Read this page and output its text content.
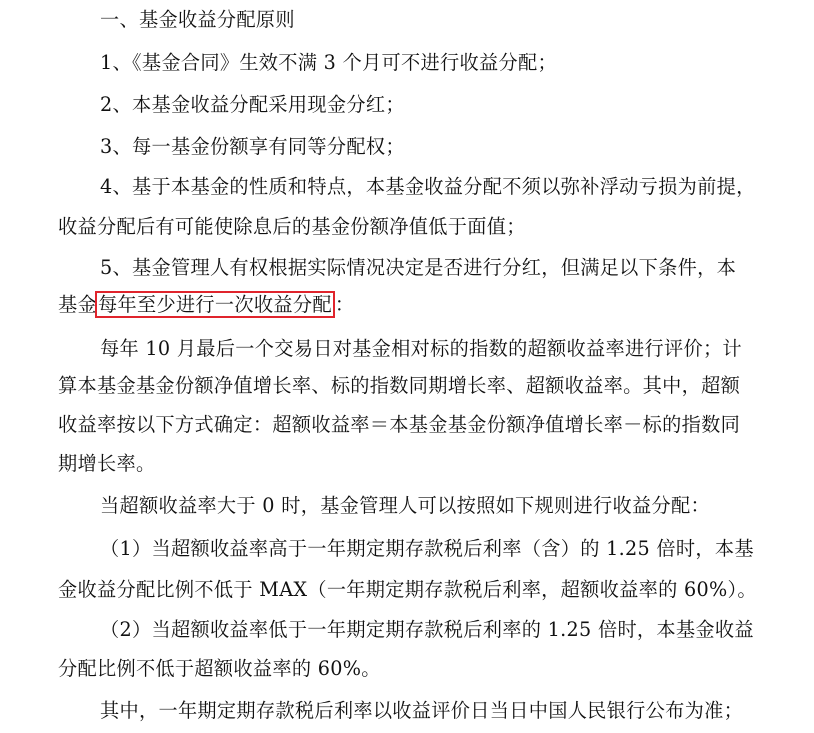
一、基金收益分配原则
1、《基金合同》生效不满 3 个月可不进行收益分配；
2、本基金收益分配采用现金分红；
3、每一基金份额享有同等分配权；
4、基于本基金的性质和特点，本基金收益分配不须以弥补浮动亏损为前提，
收益分配后有可能使除息后的基金份额净值低于面值；
5、基金管理人有权根据实际情况决定是否进行分红，但满足以下条件，本
基金每年至少进行一次收益分配 ：
每年 10 月最后一个交易日对基金相对标的指数的超额收益率进行评价；计
算本基金基金份额净值增长率、标的指数同期增长率、超额收益率。其中，超额
收益率按以下方式确定：超额收益率＝本基金基金份额净值增长率－标的指数同
期增长率。
当超额收益率大于 0 时，基金管理人可以按照如下规则进行收益分配：
（1）当超额收益率高于一年期定期存款税后利率（含）的 1.25 倍时，本基
金收益分配比例不低于 MAX（一年期定期存款税后利率，超额收益率的 60%）。
（2）当超额收益率低于一年期定期存款税后利率的 1.25 倍时，本基金收益
分配比例不低于超额收益率的 60%。
其中，一年期定期存款税后利率以收益评价日当日中国人民银行公布为准；
